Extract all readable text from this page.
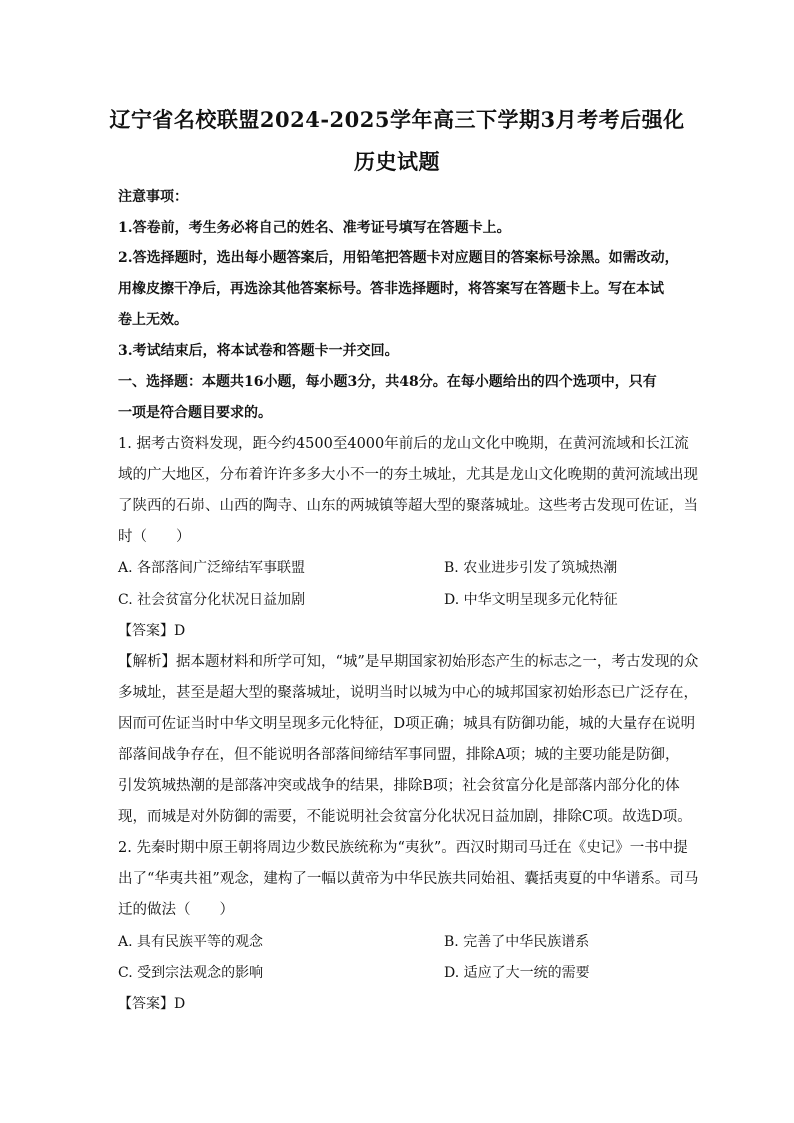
辽宁省名校联盟2024-2025学年高三下学期3月考考后强化
历史试题
注意事项：
1.答卷前，考生务必将自己的姓名、准考证号填写在答题卡上。
2.答选择题时，选出每小题答案后，用铅笔把答题卡对应题目的答案标号涂黑。如需改动，
用橡皮擦干净后，再选涂其他答案标号。答非选择题时，将答案写在答题卡上。写在本试
卷上无效。
3.考试结束后，将本试卷和答题卡一并交回。
一、选择题：本题共16小题，每小题3分，共48分。在每小题给出的四个选项中，只有
一项是符合题目要求的。
1. 据考古资料发现，距今约4500至4000年前后的龙山文化中晚期，在黄河流域和长江流
域的广大地区，分布着许许多多大小不一的夯土城址，尤其是龙山文化晚期的黄河流域出现
了陕西的石峁、山西的陶寺、山东的两城镇等超大型的聚落城址。这些考古发现可佐证，当
时（　　）
A. 各部落间广泛缔结军事联盟	B. 农业进步引发了筑城热潮
C. 社会贫富分化状况日益加剧	D. 中华文明呈现多元化特征
【答案】D
【解析】据本题材料和所学可知，“城”是早期国家初始形态产生的标志之一，考古发现的众
多城址，甚至是超大型的聚落城址，说明当时以城为中心的城邦国家初始形态已广泛存在，
因而可佐证当时中华文明呈现多元化特征，D项正确；城具有防御功能，城的大量存在说明
部落间战争存在，但不能说明各部落间缔结军事同盟，排除A项；城的主要功能是防御，
引发筑城热潮的是部落冲突或战争的结果，排除B项；社会贫富分化是部落内部分化的体
现，而城是对外防御的需要，不能说明社会贫富分化状况日益加剧，排除C项。故选D项。
2. 先秦时期中原王朝将周边少数民族统称为“夷狄”。西汉时期司马迁在《史记》一书中提
出了“华夷共祖”观念，建构了一幅以黄帝为中华民族共同始祖、囊括夷夏的中华谱系。司马
迁的做法（　　）
A. 具有民族平等的观念	B. 完善了中华民族谱系
C. 受到宗法观念的影响	D. 适应了大一统的需要
【答案】D
